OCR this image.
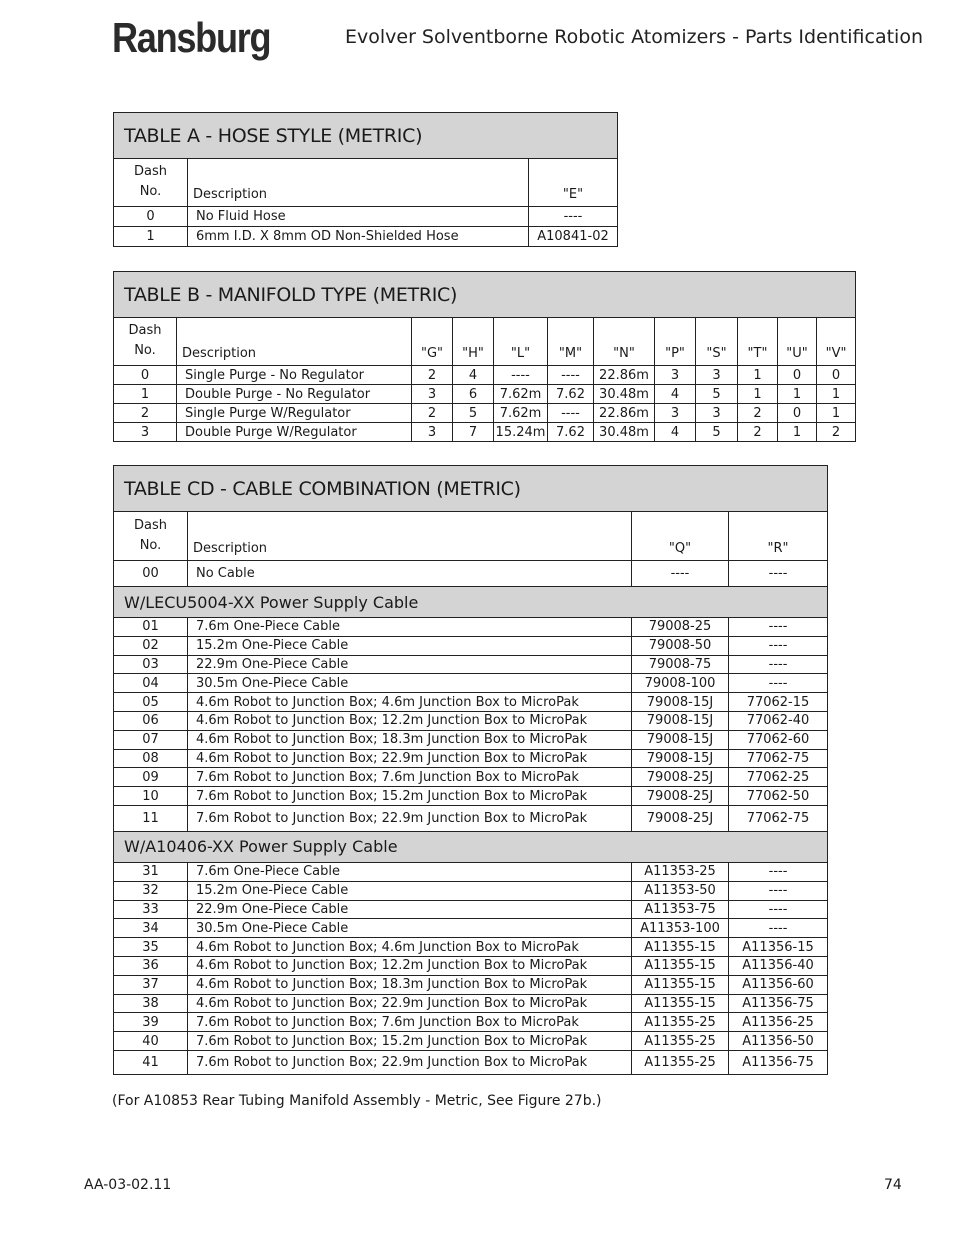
Ransburg	Evolver Solventborne Robotic Atomizers - Parts Identification
TABLE A - HOSE STYLE (METRIC)		
Dash
No.	Description	"E"
0	No Fluid Hose	----
1	6mm I.D. X 8mm OD Non-Shielded Hose	A10841-02
TABLE B - MANIFOLD TYPE (METRIC)											
Dash
No.	Description	"G"	"H"	"L"	"M"	"N"	"P"	"S"	"T"	"U"	"V"
0	Single Purge - No Regulator	2	4	----	----	22.86m	3	3	1	0	0
1	Double Purge - No Regulator	3	6	7.62m	7.62	30.48m	4	5	1	1	1
2	Single Purge W/Regulator	2	5	7.62m	----	22.86m	3	3	2	0	1
3	Double Purge W/Regulator	3	7	15.24m	7.62	30.48m	4	5	2	1	2
TABLE CD - CABLE COMBINATION (METRIC)			
Dash
No.	Description	"Q"	"R"
00	No Cable	----	----
W/LECU5004-XX Power Supply Cable			
01	7.6m One-Piece Cable	79008-25	----
02	15.2m One-Piece Cable	79008-50	----
03	22.9m One-Piece Cable	79008-75	----
04	30.5m One-Piece Cable	79008-100	----
05	4.6m Robot to Junction Box; 4.6m Junction Box to MicroPak	79008-15J	77062-15
06	4.6m Robot to Junction Box; 12.2m Junction Box to MicroPak	79008-15J	77062-40
07	4.6m Robot to Junction Box; 18.3m Junction Box to MicroPak	79008-15J	77062-60
08	4.6m Robot to Junction Box; 22.9m Junction Box to MicroPak	79008-15J	77062-75
09	7.6m Robot to Junction Box; 7.6m Junction Box to MicroPak	79008-25J	77062-25
10	7.6m Robot to Junction Box; 15.2m Junction Box to MicroPak	79008-25J	77062-50
11	7.6m Robot to Junction Box; 22.9m Junction Box to MicroPak	79008-25J	77062-75
W/A10406-XX Power Supply Cable			
31	7.6m One-Piece Cable	A11353-25	----
32	15.2m One-Piece Cable	A11353-50	----
33	22.9m One-Piece Cable	A11353-75	----
34	30.5m One-Piece Cable	A11353-100	----
35	4.6m Robot to Junction Box; 4.6m Junction Box to MicroPak	A11355-15	A11356-15
36	4.6m Robot to Junction Box; 12.2m Junction Box to MicroPak	A11355-15	A11356-40
37	4.6m Robot to Junction Box; 18.3m Junction Box to MicroPak	A11355-15	A11356-60
38	4.6m Robot to Junction Box; 22.9m Junction Box to MicroPak	A11355-15	A11356-75
39	7.6m Robot to Junction Box; 7.6m Junction Box to MicroPak	A11355-25	A11356-25
40	7.6m Robot to Junction Box; 15.2m Junction Box to MicroPak	A11355-25	A11356-50
41	7.6m Robot to Junction Box; 22.9m Junction Box to MicroPak	A11355-25	A11356-75
(For A10853 Rear Tubing Manifold Assembly - Metric, See Figure 27b.)
AA-03-02.11	74
